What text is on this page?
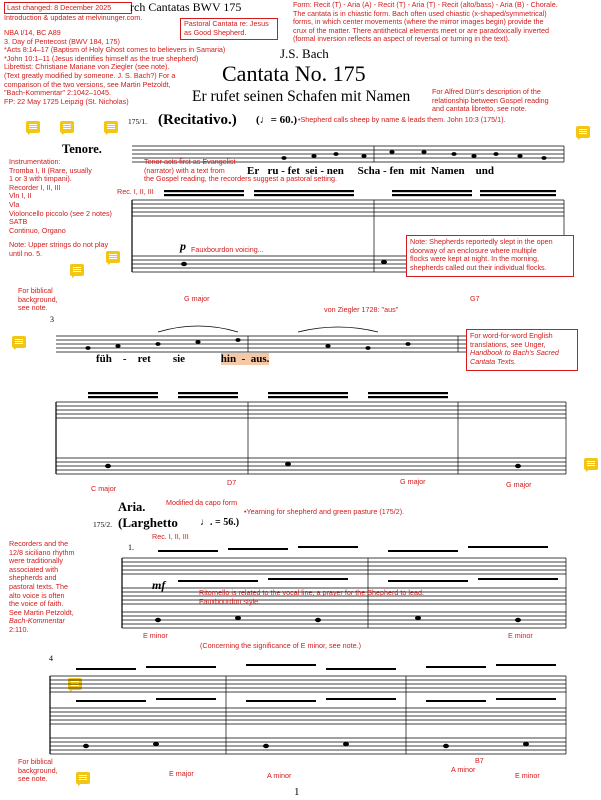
Last changed: 8 December 2025 rch Cantatas BWV 175
Introduction & updates at melvinunger.com.
NBA I/14, BC A89
3. Day of Pentecost (BWV 184, 175)
*Acts 8:14–17 (Baptism of Holy Ghost comes to believers in Samaria)
*John 10:1–11 (Jesus identifies himself as the true shepherd)
Librettist: Christiane Mariane von Ziegler (see note).
(Text greatly modified by someone. J. S. Bach?) For a
comparison of the two versions, see Martin Petzoldt,
"Bach-Kommentar" 2:1042–1045.
FP: 22 May 1725 Leipzig (St. Nicholas)
Pastoral Cantata re: Jesus
as Good Shepherd.
Form: Recit (T) - Aria (A) - Recit (T) - Aria (T) - Recit (alto/bass) - Aria (B) - Chorale.
The cantata is in chiastic form. Bach often used chiastic (x-shaped/symmetrical)
forms, in which center movements (where the mirror images begin) provide the
crux of the matter. There antithetical elements meet or are paradoxically inverted
(formal inversion reflects an aspect of reversal or turning in the text).
J.S. Bach
Cantata No. 175
Er rufet seinen Schafen mit Namen	For Alfred Dürr's description of the
relationship between Gospel reading
and cantata libretto, see note.
175/1. (Recitativo.) (♩= 60.) •Shepherd calls sheep by name & leads them. John 10:3 (175/1).
Tenore.
Instrumentation:
Tromba I, II (Rare, usually
1 or 3 with timpani).
Recorder I, II, III
Vln I, II
Vla
Violoncello piccolo (see 2 notes)
SATB
Continuo, Organo
Note: Upper strings do not play
until no. 5.
Tenor acts first as Evangelist
(narrator) with a text from
the Gospel reading, the recorders suggest a pastoral setting.
Er ru - fet sei - nen Scha - fen mit Namen und
Rec. I, II, III
p Fauxbourdon voicing...
For biblical
background,
see note.
G major	G7
Note: Shepherds reportedly slept in the open
doorway of an enclosure where multiple
flocks were kept at night. In the morning,
shepherds called out their individual flocks.
3
von Ziegler 1728: "aus"
füh - ret sie	hin - aus.
For word-for-word English
translations, see Unger,
Handbook to Bach's Sacred
Cantata Texts.
C major
D7	G major	G major
Aria.	Modified da capo form
175/2. (Larghetto ♩. = 56.)
•Yearning for shepherd and green pasture (175/2).
Recorders and the
12/8 siciliano rhythm
were traditionally
associated with
shepherds and
pastoral texts. The
alto voice is often
the voice of faith.
See Martin Petzoldt,
Bach-Kommentar
2:110.
Rec. I, II, III
1.
mf
Ritornello is related to the vocal line, a prayer for the Shepherd to lead.
Fauxbourdon style.
E minor	E minor
(Concerning the significance of E minor, see note.)
4
For biblical
background,
see note.
E major	A minor
B7
A minor
E minor
1
